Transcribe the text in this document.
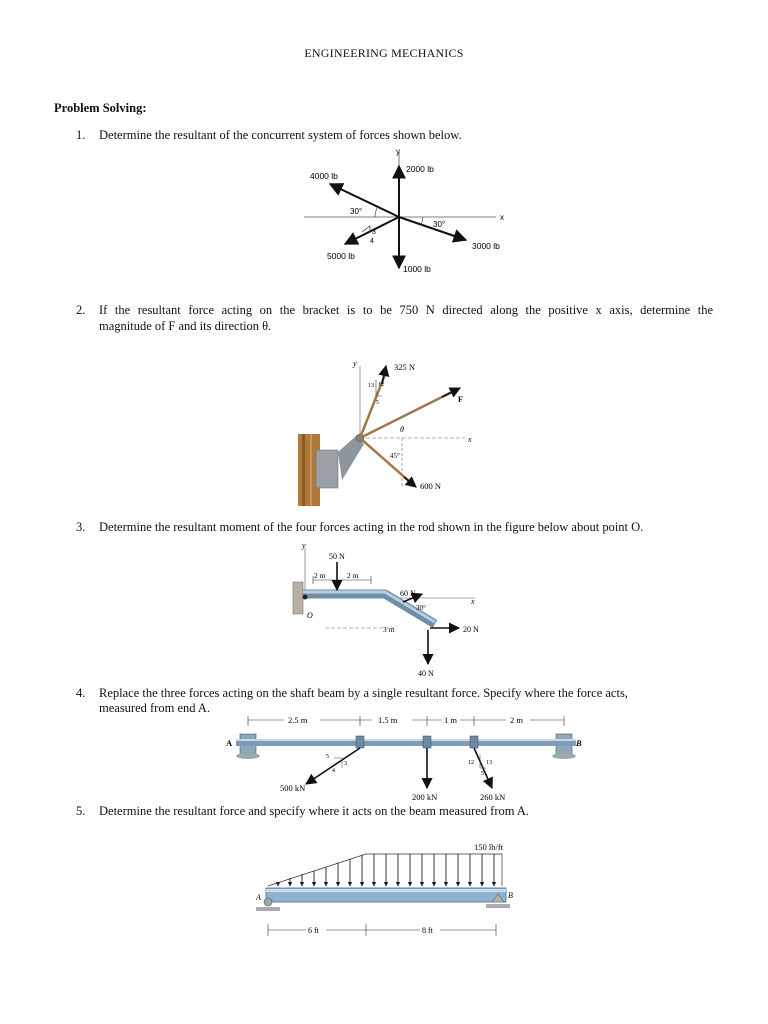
ENGINEERING MECHANICS
Problem Solving:
1.	Determine the resultant of the concurrent system of forces shown below.
y
x
3
4
2000 lb
4000 lb
30°
30°
5000 lb
1000 lb
3000 lb
2.	If the resultant force acting on the bracket is to be 750 N directed along the positive x axis, determine the
magnitude of F and its direction θ.
y
x
13 12
5
325 N
F
θ
45°
600 N
3.	Determine the resultant moment of the four forces acting in the rod shown in the figure below about point O.
y
x
O
50 N
2 m	2 m
60 N
30°
3 m	20 N
40 N
4.	Replace the three forces acting on the shaft beam by a single resultant force. Specify where the force acts,
measured from end A.
2.5 m	1.5 m	1 m	2 m
A	B
5
3
4
12 13
5
500 kN
200 kN	260 kN
5.	Determine the resultant force and specify where it acts on the beam measured from A.
150 lb/ft
A	B
6 ft	8 ft
